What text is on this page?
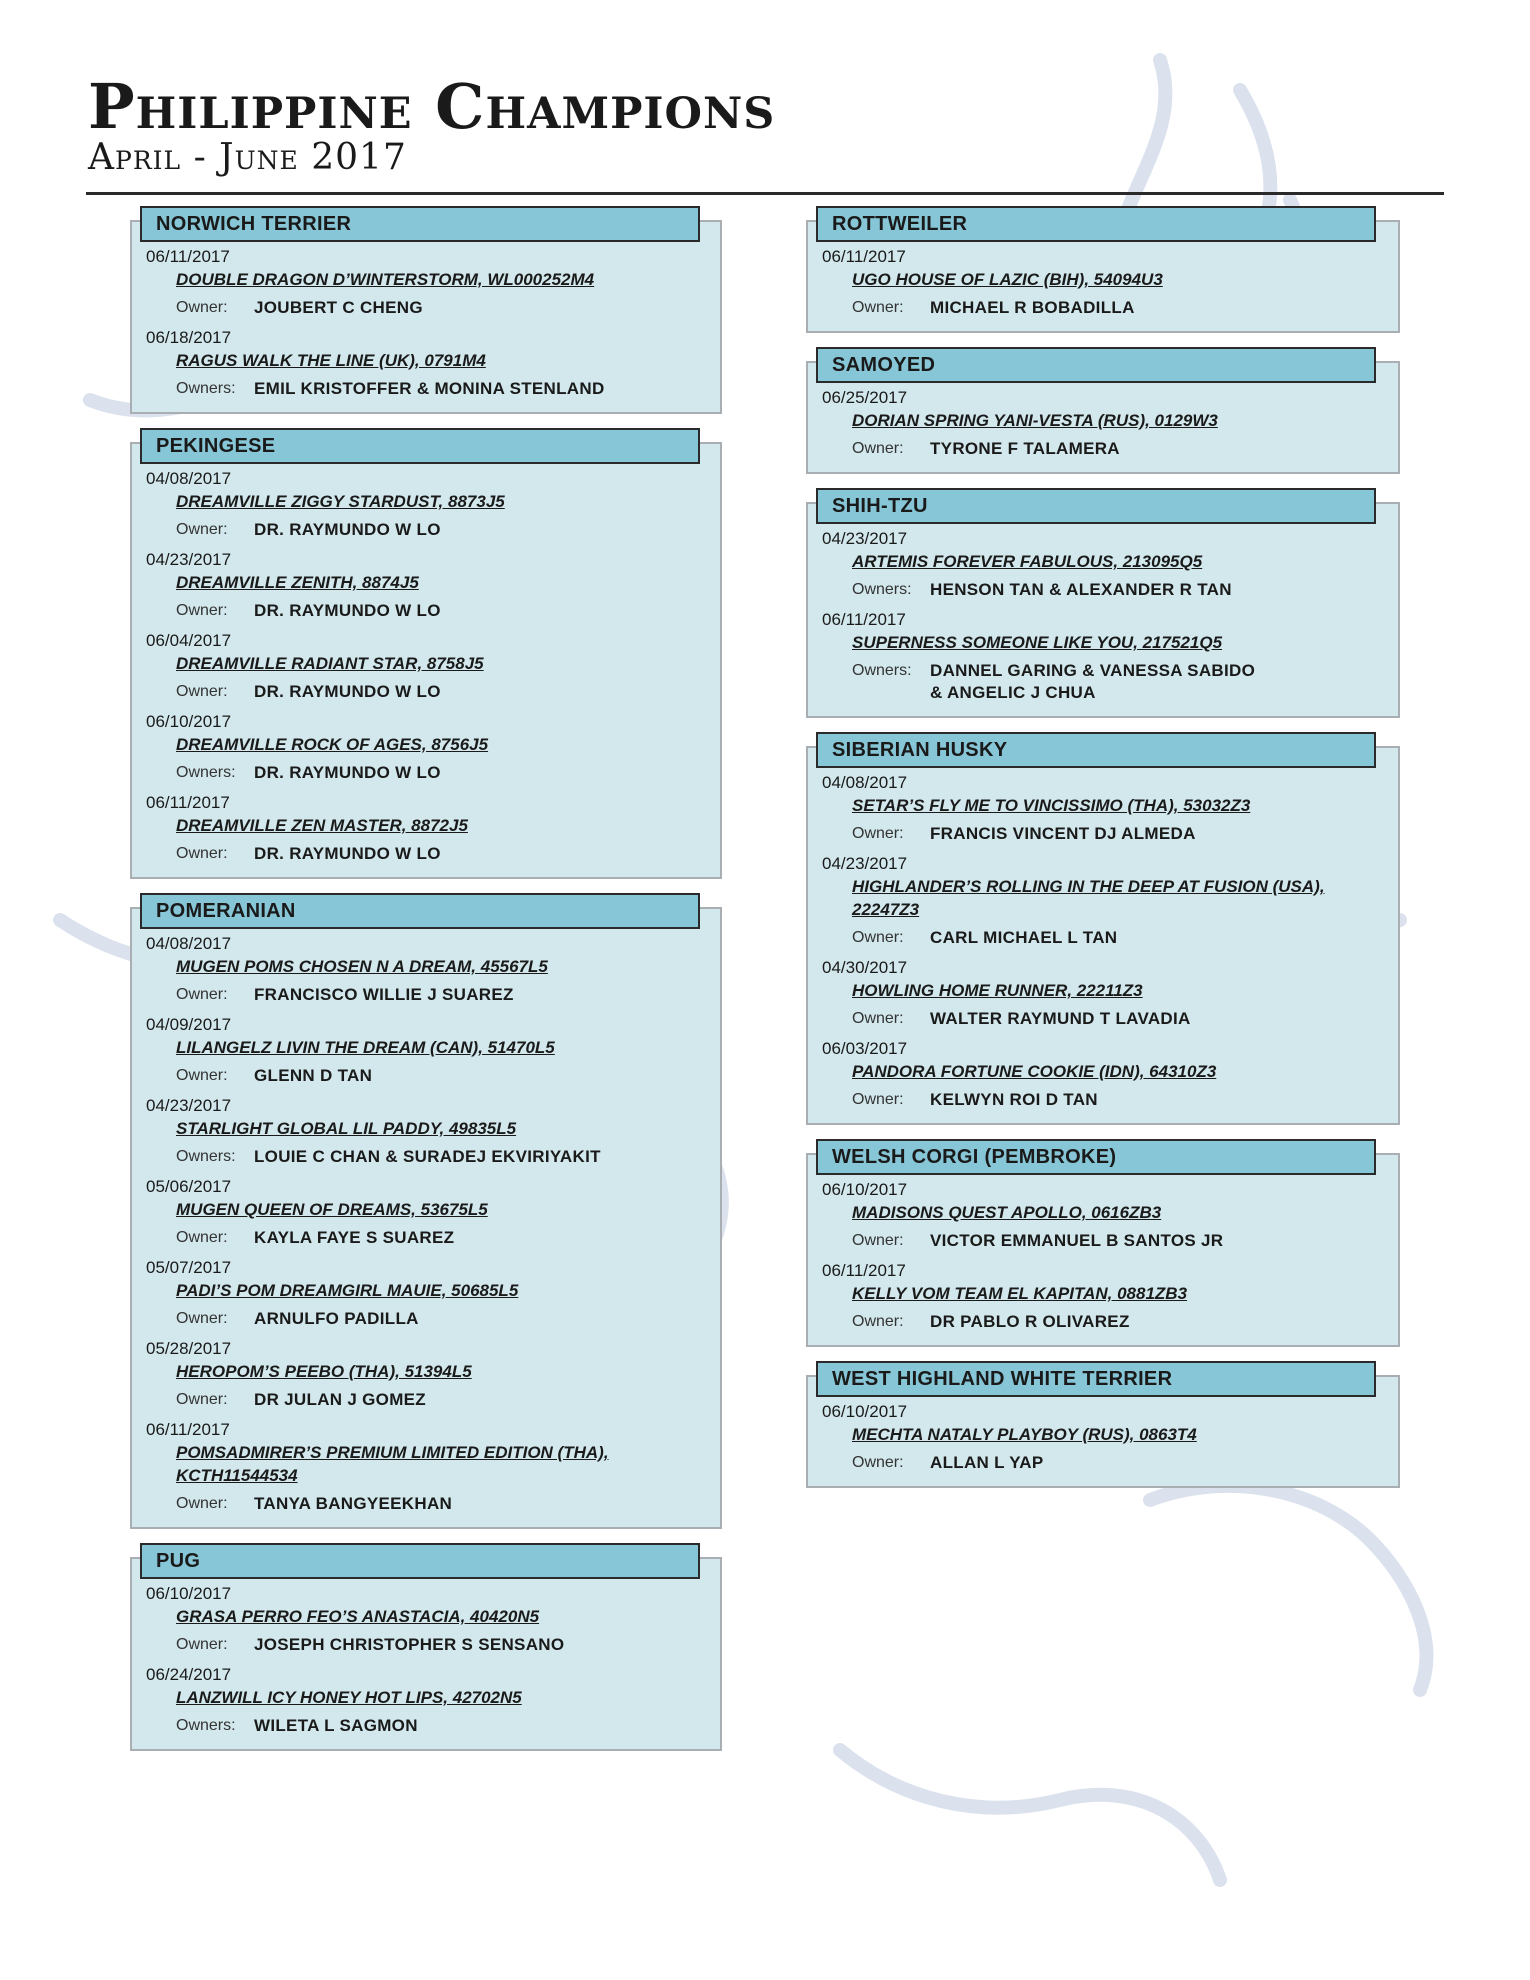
Philippine Champions
April - June 2017
06/11/2017
DOUBLE DRAGON D’WINTERSTORM, WL000252M4
Owner:	JOUBERT C CHENG
06/18/2017
RAGUS WALK THE LINE (UK), 0791M4
Owners:	EMIL KRISTOFFER & MONINA STENLAND
NORWICH TERRIER
04/08/2017
DREAMVILLE ZIGGY STARDUST, 8873J5
Owner:	DR. RAYMUNDO W LO
04/23/2017
DREAMVILLE ZENITH, 8874J5
Owner:	DR. RAYMUNDO W LO
06/04/2017
DREAMVILLE RADIANT STAR, 8758J5
Owner:	DR. RAYMUNDO W LO
06/10/2017
DREAMVILLE ROCK OF AGES, 8756J5
Owners:	DR. RAYMUNDO W LO
06/11/2017
DREAMVILLE ZEN MASTER, 8872J5
Owner:	DR. RAYMUNDO W LO
PEKINGESE
04/08/2017
MUGEN POMS CHOSEN N A DREAM, 45567L5
Owner:	FRANCISCO WILLIE J SUAREZ
04/09/2017
LILANGELZ LIVIN THE DREAM (CAN), 51470L5
Owner:	GLENN D TAN
04/23/2017
STARLIGHT GLOBAL LIL PADDY, 49835L5
Owners:	LOUIE C CHAN & SURADEJ EKVIRIYAKIT
05/06/2017
MUGEN QUEEN OF DREAMS, 53675L5
Owner:	KAYLA FAYE S SUAREZ
05/07/2017
PADI’S POM DREAMGIRL MAUIE, 50685L5
Owner:	ARNULFO PADILLA
05/28/2017
HEROPOM’S PEEBO (THA), 51394L5
Owner:	DR JULAN J GOMEZ
06/11/2017
POMSADMIRER’S PREMIUM LIMITED EDITION (THA), KCTH11544534
Owner:	TANYA BANGYEEKHAN
POMERANIAN
06/10/2017
GRASA PERRO FEO’S ANASTACIA, 40420N5
Owner:	JOSEPH CHRISTOPHER S SENSANO
06/24/2017
LANZWILL ICY HONEY HOT LIPS, 42702N5
Owners:	WILETA L SAGMON
PUG
06/11/2017
UGO HOUSE OF LAZIC (BIH), 54094U3
Owner:	MICHAEL R BOBADILLA
ROTTWEILER
06/25/2017
DORIAN SPRING YANI-VESTA (RUS), 0129W3
Owner:	TYRONE F TALAMERA
SAMOYED
04/23/2017
ARTEMIS FOREVER FABULOUS, 213095Q5
Owners:	HENSON TAN & ALEXANDER R TAN
06/11/2017
SUPERNESS SOMEONE LIKE YOU, 217521Q5
Owners:	DANNEL GARING & VANESSA SABIDO
& ANGELIC J CHUA
SHIH-TZU
04/08/2017
SETAR’S FLY ME TO VINCISSIMO (THA), 53032Z3
Owner:	FRANCIS VINCENT DJ ALMEDA
04/23/2017
HIGHLANDER’S ROLLING IN THE DEEP AT FUSION (USA), 22247Z3
Owner:	CARL MICHAEL L TAN
04/30/2017
HOWLING HOME RUNNER, 22211Z3
Owner:	WALTER RAYMUND T LAVADIA
06/03/2017
PANDORA FORTUNE COOKIE (IDN), 64310Z3
Owner:	KELWYN ROI D TAN
SIBERIAN HUSKY
06/10/2017
MADISONS QUEST APOLLO, 0616ZB3
Owner:	VICTOR EMMANUEL B SANTOS JR
06/11/2017
KELLY VOM TEAM EL KAPITAN, 0881ZB3
Owner:	DR PABLO R OLIVAREZ
WELSH CORGI (PEMBROKE)
06/10/2017
MECHTA NATALY PLAYBOY (RUS), 0863T4
Owner:	ALLAN L YAP
WEST HIGHLAND WHITE TERRIER
